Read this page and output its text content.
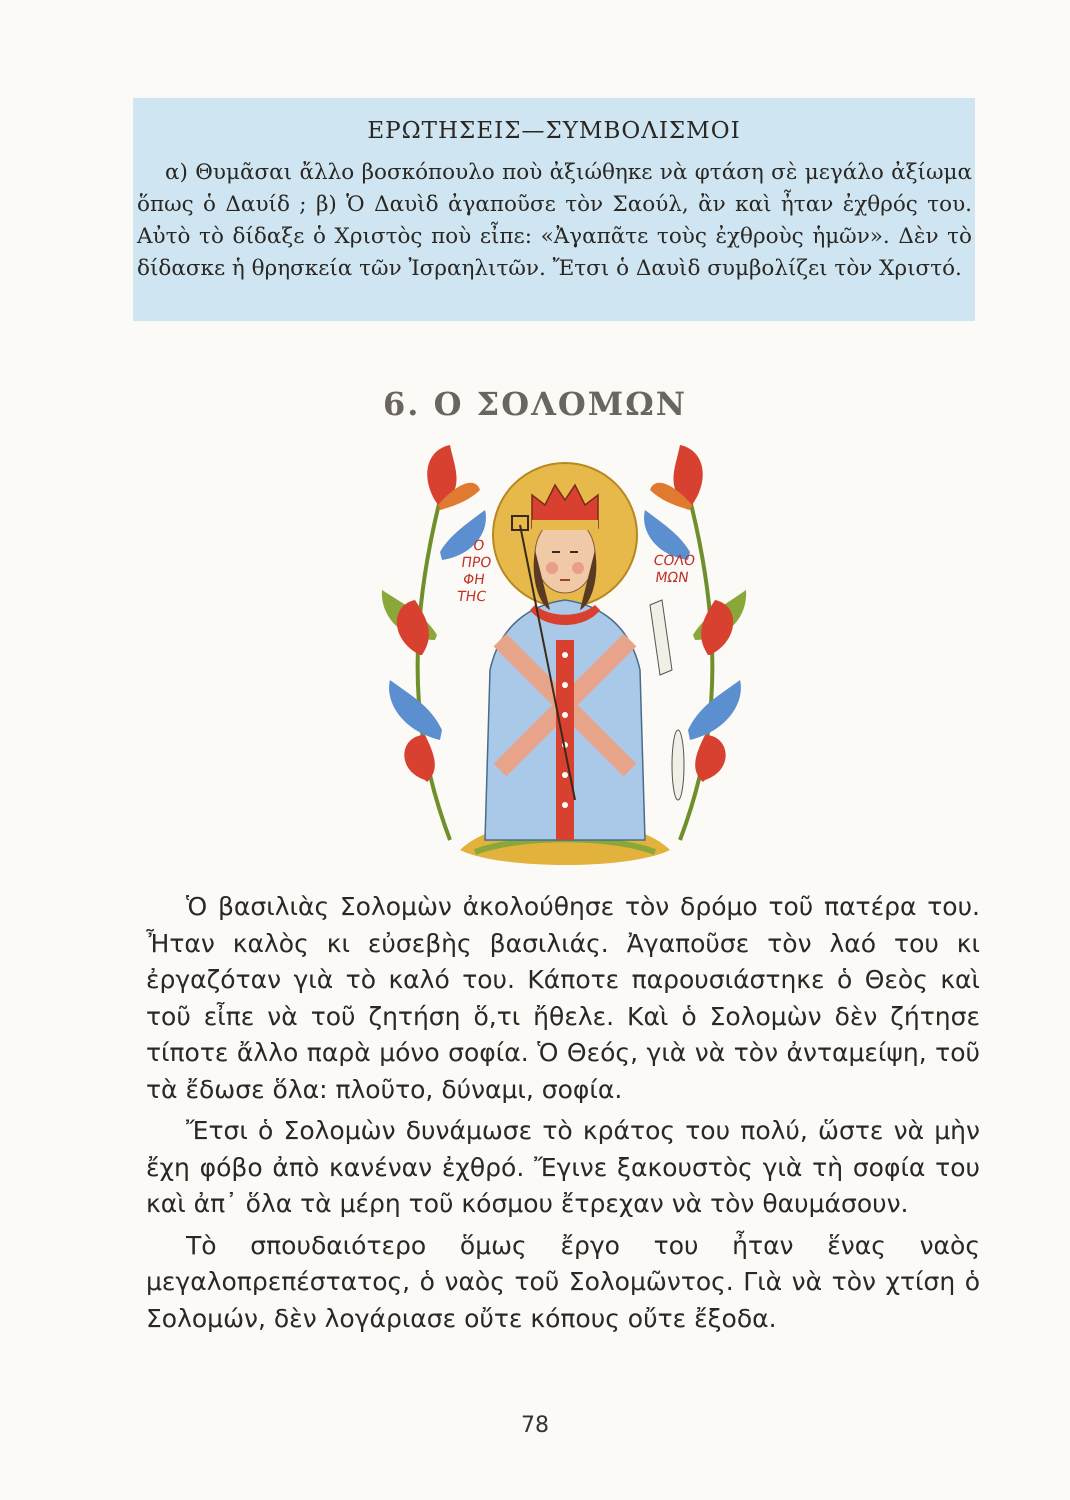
ΕΡΩΤΗΣΕΙΣ—ΣΥΜΒΟΛΙΣΜΟΙ

α) Θυμᾶσαι ἄλλο βοσκόπουλο ποὺ ἀξιώθηκε νὰ φτάση σὲ μεγάλο ἀξίωμα ὅπως ὁ Δαυίδ ; β) Ὁ Δαυὶδ ἀγαποῦσε τὸν Σαούλ, ἂν καὶ ἦταν ἐχθρός του. Αὐτὸ τὸ δίδαξε ὁ Χριστὸς ποὺ εἶπε: «Ἀγαπᾶτε τοὺς ἐχθροὺς ἡμῶν». Δὲν τὸ δίδασκε ἡ θρησκεία τῶν Ἰσραηλιτῶν. Ἔτσι ὁ Δαυὶδ συμβολίζει τὸν Χριστό.

6. Ο ΣΟΛΟΜΩΝ
Ο
ΠΡΟ
ΦΗ
ΤΗC
COΛΟ
ΜΩΝ

Ὁ βασιλιὰς Σολομὼν ἀκολούθησε τὸν δρόμο τοῦ πατέρα του. Ἦταν καλὸς κι εὐσεβὴς βασιλιάς. Ἀγαποῦσε τὸν λαό του κι ἐργαζόταν γιὰ τὸ καλό του. Κάποτε παρουσιάστηκε ὁ Θεὸς καὶ τοῦ εἶπε νὰ τοῦ ζητήση ὅ,τι ἤθελε. Καὶ ὁ Σολομὼν δὲν ζήτησε τίποτε ἄλλο παρὰ μόνο σοφία. Ὁ Θεός, γιὰ νὰ τὸν ἀνταμείψη, τοῦ τὰ ἔδωσε ὅλα: πλοῦτο, δύναμι, σοφία.

Ἔτσι ὁ Σολομὼν δυνάμωσε τὸ κράτος του πολύ, ὥστε νὰ μὴν ἔχη φόβο ἀπὸ κανέναν ἐχθρό. Ἔγινε ξακουστὸς γιὰ τὴ σοφία του καὶ ἀπ᾽ ὅλα τὰ μέρη τοῦ κόσμου ἔτρεχαν νὰ τὸν θαυμάσουν.

Τὸ σπουδαιότερο ὅμως ἔργο του ἦταν ἕνας ναὸς μεγαλοπρεπέστατος, ὁ ναὸς τοῦ Σολομῶντος. Γιὰ νὰ τὸν χτίση ὁ Σολομών, δὲν λογάριασε οὔτε κόπους οὔτε ἔξοδα.

78
